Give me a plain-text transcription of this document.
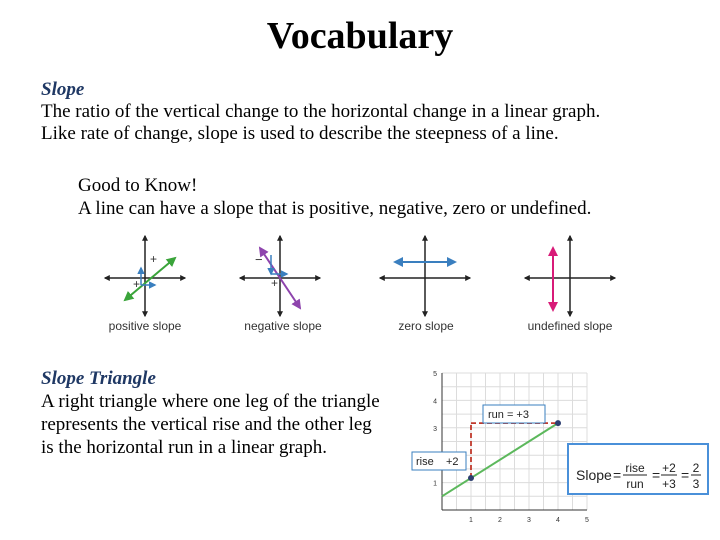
Vocabulary
Slope
The ratio of the vertical change to the horizontal change in a linear graph.
Like rate of change, slope is used to describe the steepness of a line.
Good to Know!
A line can have a slope that is positive, negative, zero or undefined.
+
+
−
+
positive slope	negative slope	zero slope	undefined slope
Slope Triangle
A right triangle where one leg of the triangle
represents the vertical rise and the other leg
is the horizontal run in a linear graph.
1	2	3	4	5
1
3
4
5
run = +3
rise +2
Slope = rise
run
= +2
+3
= 2
3
